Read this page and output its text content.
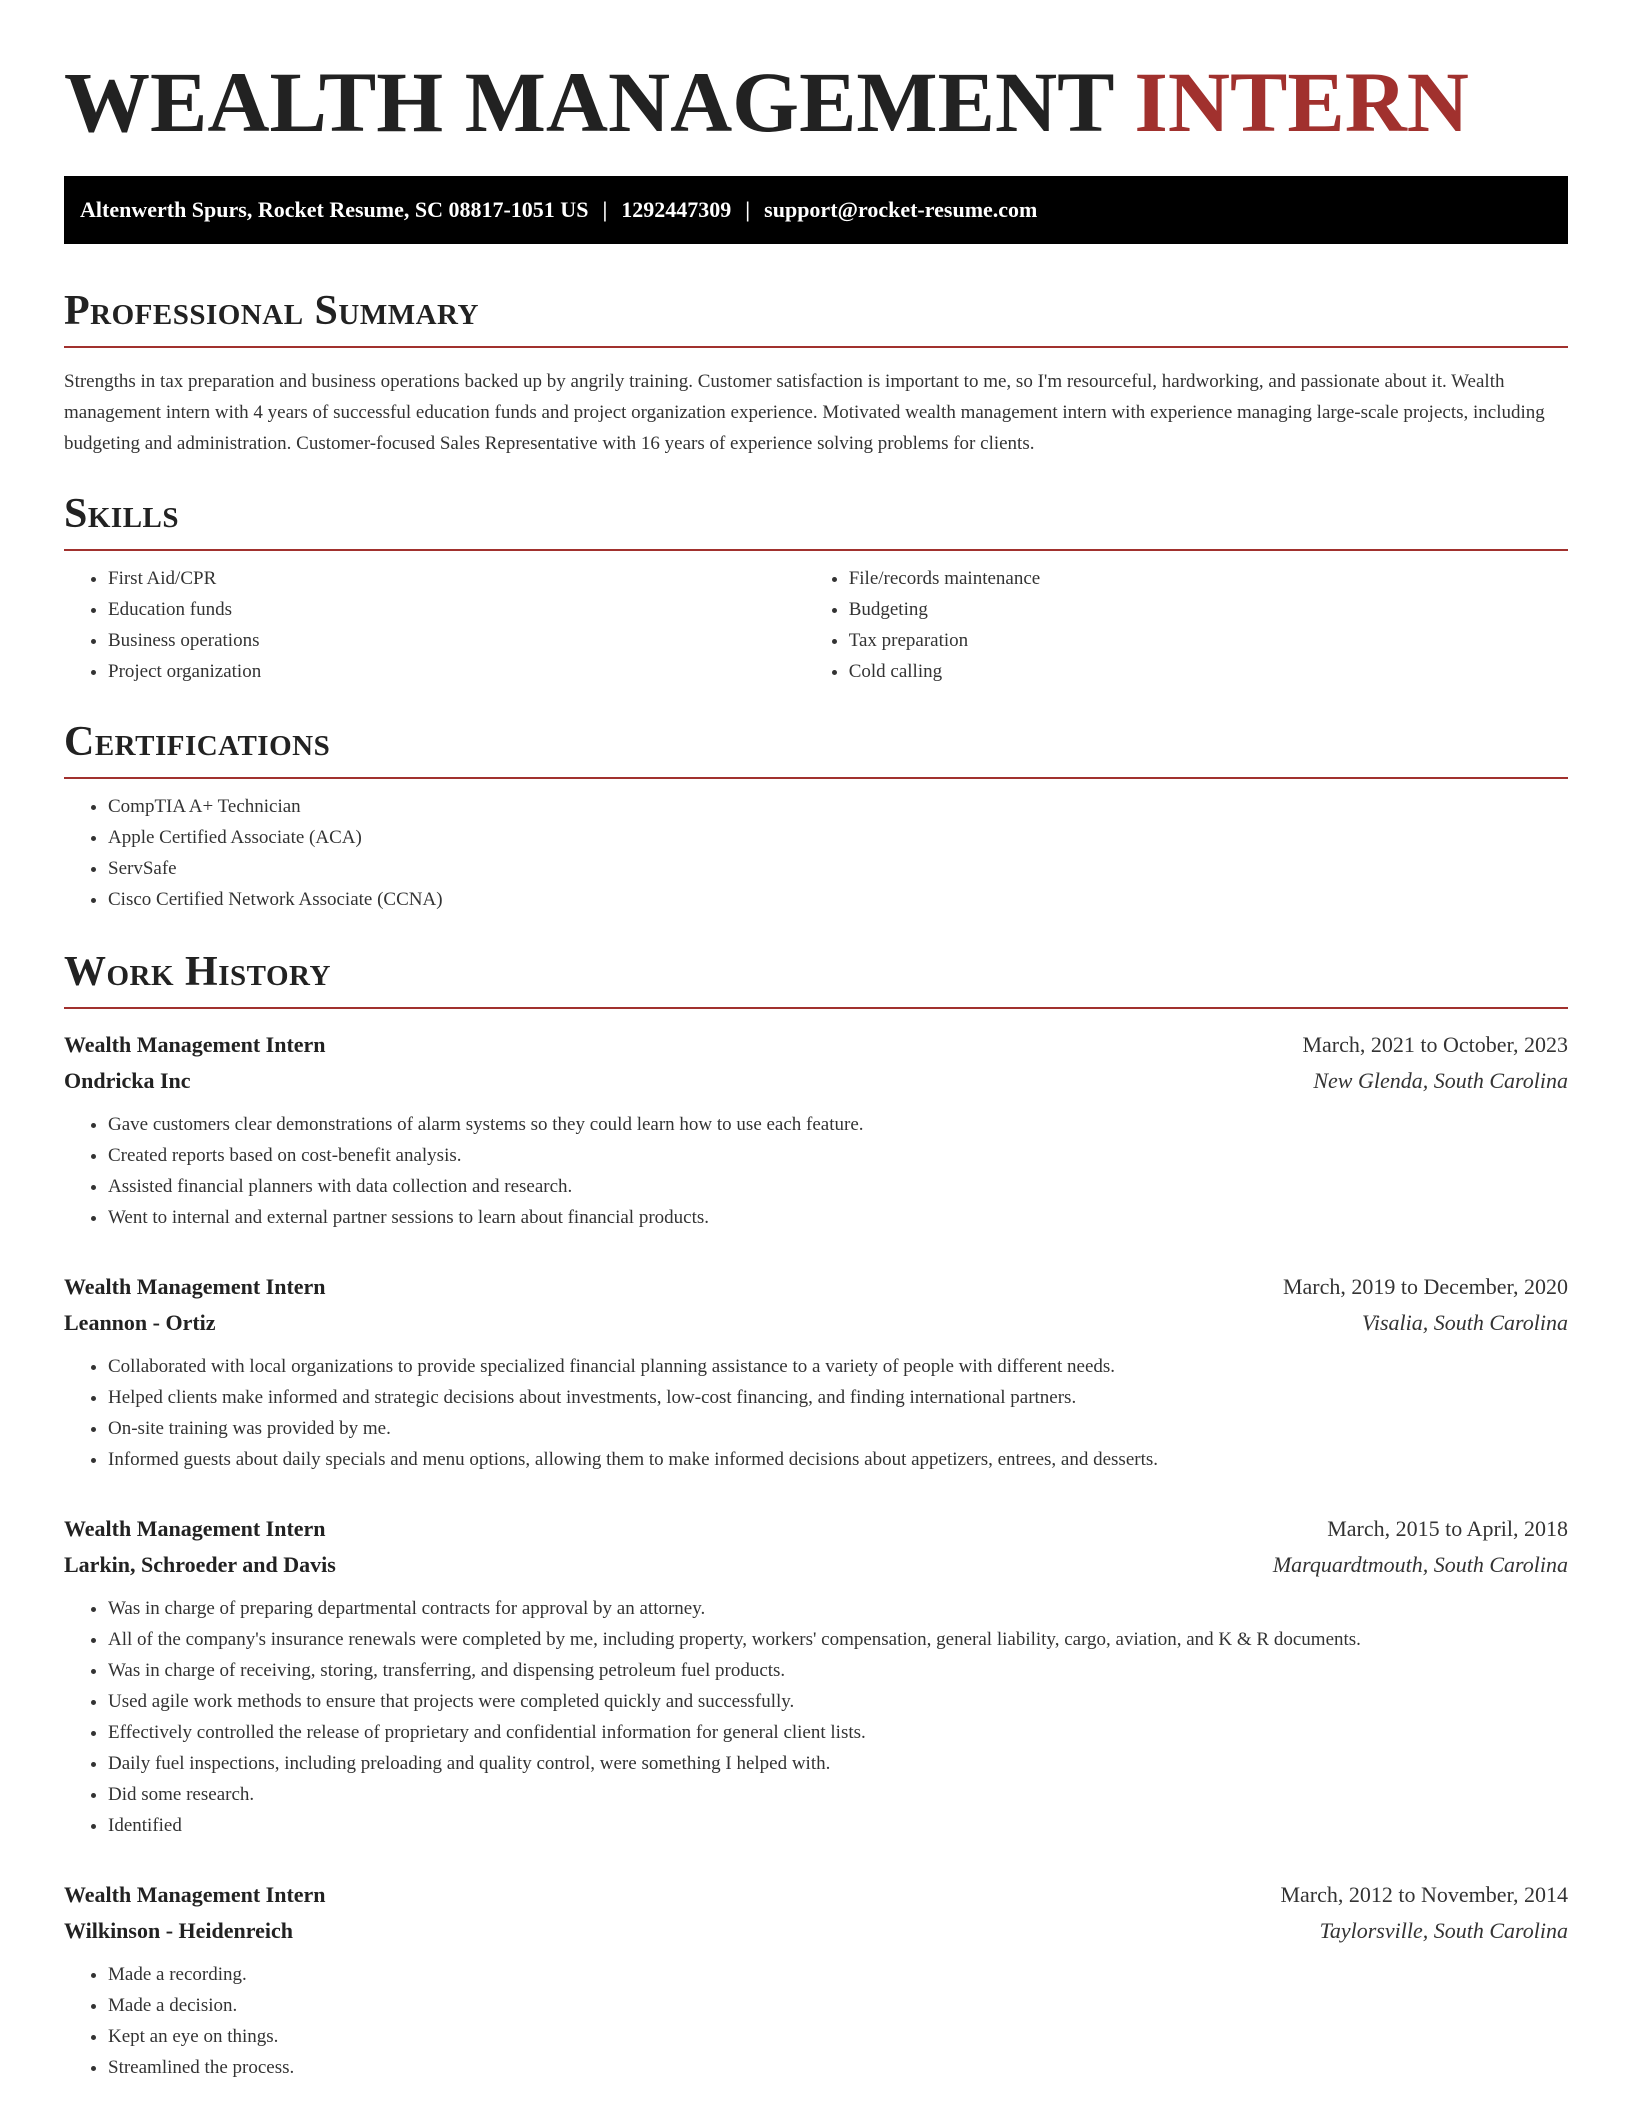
WEALTH MANAGEMENT INTERN
Altenwerth Spurs, Rocket Resume, SC 08817-1051 US | 1292447309 | support@rocket-resume.com
Professional Summary

Strengths in tax preparation and business operations backed up by angrily training. Customer satisfaction is important to me, so I'm resourceful, hardworking, and passionate about it. Wealth management intern with 4 years of successful education funds and project organization experience. Motivated wealth management intern with experience managing large-scale projects, including budgeting and administration. Customer-focused Sales Representative with 16 years of experience solving problems for clients.

Skills
• First Aid/CPR
• Education funds
• Business operations
• Project organization
• File/records maintenance
• Budgeting
• Tax preparation
• Cold calling
Certifications
• CompTIA A+ Technician
• Apple Certified Associate (ACA)
• ServSafe
• Cisco Certified Network Associate (CCNA)
Work History
Wealth Management Intern	March, 2021 to October, 2023
Ondricka Inc	New Glenda, South Carolina
• Gave customers clear demonstrations of alarm systems so they could learn how to use each feature.
• Created reports based on cost-benefit analysis.
• Assisted financial planners with data collection and research.
• Went to internal and external partner sessions to learn about financial products.
Wealth Management Intern	March, 2019 to December, 2020
Leannon - Ortiz	Visalia, South Carolina
• Collaborated with local organizations to provide specialized financial planning assistance to a variety of people with different needs.
• Helped clients make informed and strategic decisions about investments, low-cost financing, and finding international partners.
• On-site training was provided by me.
• Informed guests about daily specials and menu options, allowing them to make informed decisions about appetizers, entrees, and desserts.
Wealth Management Intern	March, 2015 to April, 2018
Larkin, Schroeder and Davis	Marquardtmouth, South Carolina
• Was in charge of preparing departmental contracts for approval by an attorney.
• All of the company's insurance renewals were completed by me, including property, workers' compensation, general liability, cargo, aviation, and K & R documents.
• Was in charge of receiving, storing, transferring, and dispensing petroleum fuel products.
• Used agile work methods to ensure that projects were completed quickly and successfully.
• Effectively controlled the release of proprietary and confidential information for general client lists.
• Daily fuel inspections, including preloading and quality control, were something I helped with.
• Did some research.
• Identified
Wealth Management Intern	March, 2012 to November, 2014
Wilkinson - Heidenreich	Taylorsville, South Carolina
• Made a recording.
• Made a decision.
• Kept an eye on things.
• Streamlined the process.
